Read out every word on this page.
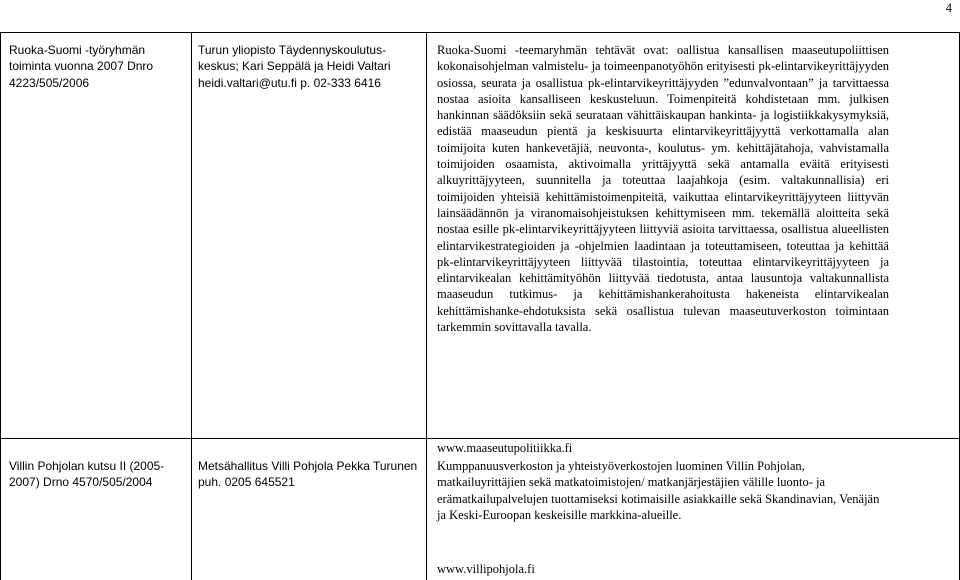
4
Ruoka-Suomi -työryhmän toiminta vuonna 2007 Dnro 4223/505/2006
Turun yliopisto Täydennyskoulutus-keskus; Kari Seppälä ja Heidi Valtari heidi.valtari@utu.fi p. 02-333 6416
Ruoka-Suomi -teemaryhmän tehtävät ovat: oallistua kansallisen maaseutupoliittisen kokonaisohjelman valmistelu- ja toimeenpanotyöhön erityisesti pk-elintarvikeyrittäjyyden osiossa, seurata ja osallistua pk-elintarvikeyrittäjyyden ”edunvalvontaan” ja tarvittaessa nostaa asioita kansalliseen keskusteluun. Toimenpiteitä kohdistetaan mm. julkisen hankinnan säädöksiin sekä seurataan vähittäiskaupan hankinta- ja logistiikkakysymyksiä, edistää maaseudun pientä ja keskisuurta elintarvikeyrittäjyyttä verkottamalla alan toimijoita kuten hankevetäjiä, neuvonta-, koulutus- ym. kehittäjätahoja, vahvistamalla toimijoiden osaamista, aktivoimalla yrittäjyyttä sekä antamalla eväitä erityisesti alkuyrittäjyyteen, suunnitella ja toteuttaa laajahkoja (esim. valtakunnallisia) eri toimijoiden yhteisiä kehittämistoimenpiteitä, vaikuttaa elintarvikeyrittäjyyteen liittyvän lainsäädännön ja viranomaisohjeistuksen kehittymiseen mm. tekemällä aloitteita sekä nostaa esille pk-elintarvikeyrittäjyyteen liittyviä asioita tarvittaessa, osallistua alueellisten elintarvikestrategioiden ja -ohjelmien laadintaan ja toteuttamiseen, toteuttaa ja kehittää pk-elintarvikeyrittäjyyteen liittyvää tilastointia, toteuttaa elintarvikeyrittäjyyteen ja elintarvikealan kehittämityöhön liittyvää tiedotusta, antaa lausuntoja valtakunnallista maaseudun tutkimus- ja kehittämishankerahoitusta hakeneista elintarvikealan kehittämishanke-ehdotuksista sekä osallistua tulevan maaseutuverkoston toimintaan tarkemmin sovittavalla tavalla.
www.maaseutupolitiikka.fi
Villin Pohjolan kutsu II (2005-2007) Drno 4570/505/2004
Metsähallitus Villi Pohjola Pekka Turunen puh. 0205 645521
Kumppanuusverkoston ja yhteistyöverkostojen luominen Villin Pohjolan, matkailuyrittäjien sekä matkatoimistojen/ matkanjärjestäjien välille luonto- ja erämatkailupalvelujen tuottamiseksi kotimaisille asiakkaille sekä Skandinavian, Venäjän ja Keski-Euroopan keskeisille markkina-alueille.
www.villipohjola.fi
